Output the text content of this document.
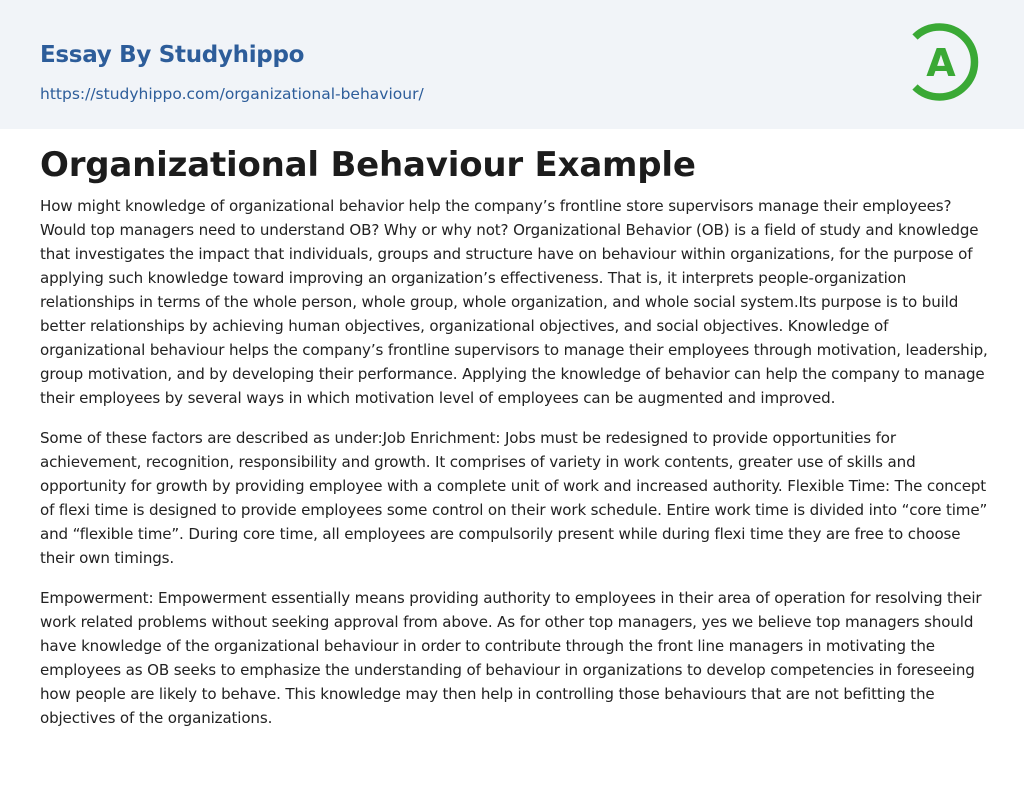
Essay By Studyhippo
https://studyhippo.com/organizational-behaviour/
A
Organizational Behaviour Example

How might knowledge of organizational behavior help the company’s frontline store supervisors manage their employees? Would top managers need to understand OB? Why or why not? Organizational Behavior (OB) is a field of study and knowledge that investigates the impact that individuals, groups and structure have on behaviour within organizations, for the purpose of applying such knowledge toward improving an organization’s effectiveness. That is, it interprets people-organization relationships in terms of the whole person, whole group, whole organization, and whole social system.Its purpose is to build better relationships by achieving human objectives, organizational objectives, and social objectives. Knowledge of organizational behaviour helps the company’s frontline supervisors to manage their employees through motivation, leadership, group motivation, and by developing their performance. Applying the knowledge of behavior can help the company to manage their employees by several ways in which motivation level of employees can be augmented and improved.

Some of these factors are described as under:Job Enrichment: Jobs must be redesigned to provide opportunities for achievement, recognition, responsibility and growth. It comprises of variety in work contents, greater use of skills and opportunity for growth by providing employee with a complete unit of work and increased authority. Flexible Time: The concept of flexi time is designed to provide employees some control on their work schedule. Entire work time is divided into “core time” and “flexible time”. During core time, all employees are compulsorily present while during flexi time they are free to choose their own timings.

Empowerment: Empowerment essentially means providing authority to employees in their area of operation for resolving their work related problems without seeking approval from above. As for other top managers, yes we believe top managers should have knowledge of the organizational behaviour in order to contribute through the front line managers in motivating the employees as OB seeks to emphasize the understanding of behaviour in organizations to develop competencies in foreseeing how people are likely to behave. This knowledge may then help in controlling those behaviours that are not befitting the objectives of the organizations.
